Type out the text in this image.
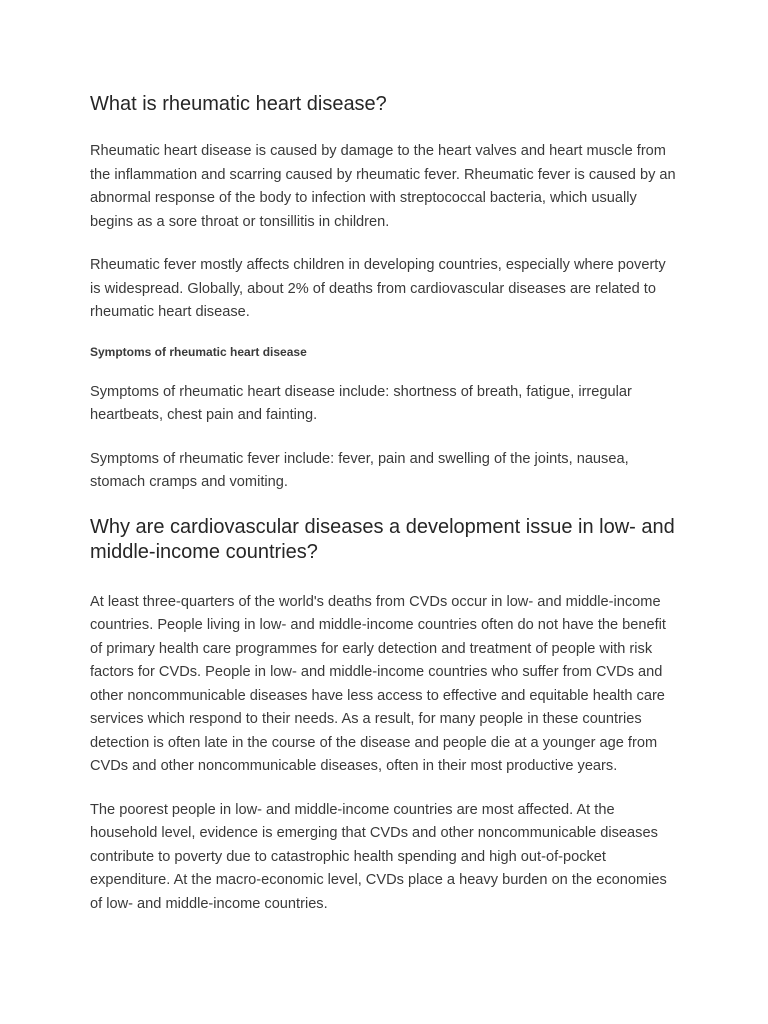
What is rheumatic heart disease?

Rheumatic heart disease is caused by damage to the heart valves and heart muscle from the inflammation and scarring caused by rheumatic fever. Rheumatic fever is caused by an abnormal response of the body to infection with streptococcal bacteria, which usually begins as a sore throat or tonsillitis in children.

Rheumatic fever mostly affects children in developing countries, especially where poverty is widespread. Globally, about 2% of deaths from cardiovascular diseases are related to rheumatic heart disease.

Symptoms of rheumatic heart disease

Symptoms of rheumatic heart disease include: shortness of breath, fatigue, irregular heartbeats, chest pain and fainting.

Symptoms of rheumatic fever include: fever, pain and swelling of the joints, nausea, stomach cramps and vomiting.

Why are cardiovascular diseases a development issue in low- and middle-income countries?

At least three-quarters of the world's deaths from CVDs occur in low- and middle-income countries. People living in low- and middle-income countries often do not have the benefit of primary health care programmes for early detection and treatment of people with risk factors for CVDs. People in low- and middle-income countries who suffer from CVDs and other noncommunicable diseases have less access to effective and equitable health care services which respond to their needs. As a result, for many people in these countries detection is often late in the course of the disease and people die at a younger age from CVDs and other noncommunicable diseases, often in their most productive years.

The poorest people in low- and middle-income countries are most affected. At the household level, evidence is emerging that CVDs and other noncommunicable diseases contribute to poverty due to catastrophic health spending and high out-of-pocket expenditure. At the macro-economic level, CVDs place a heavy burden on the economies of low- and middle-income countries.
